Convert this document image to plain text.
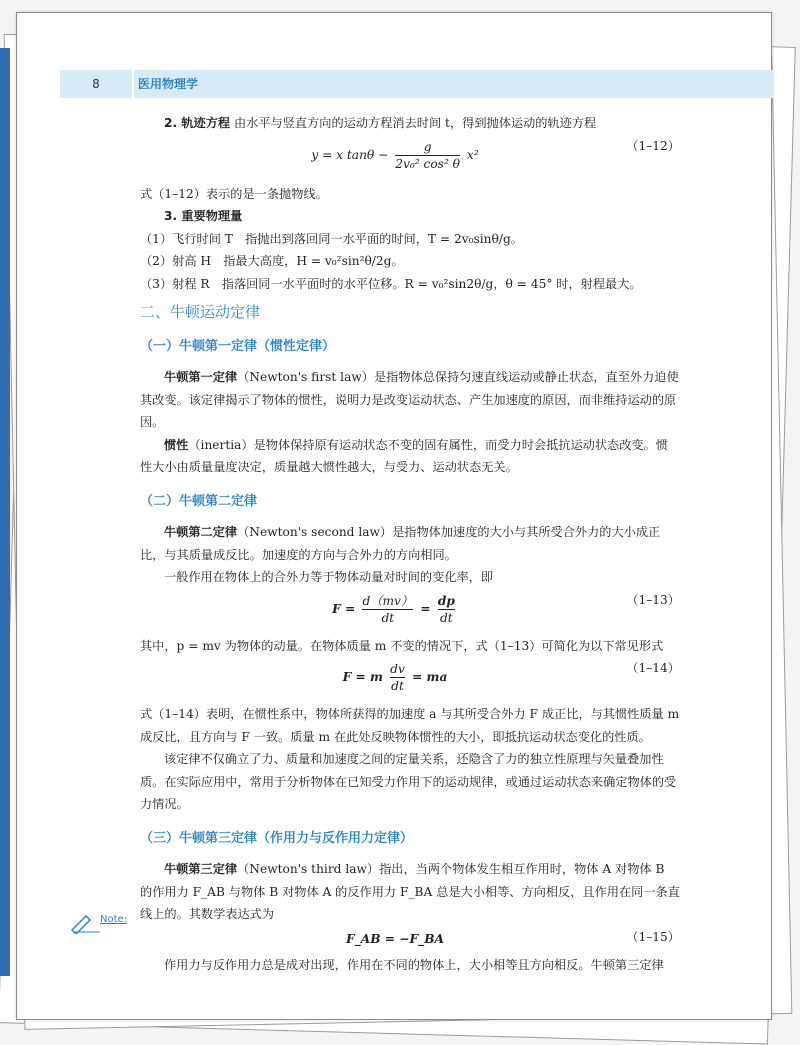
8	医用物理学

2. 轨迹方程 由水平与竖直方向的运动方程消去时间 t，得到抛体运动的轨迹方程

y = x $\tan\theta - \frac{g}{\text{2v₀² cos² θ}} x^2$
（1–12）

式（1–12）表示的是一条抛物线。

3. 重要物理量

（1）飞行时间 T　指抛出到落回同一水平面的时间，T = 2v₀sinθ/g。

（2）射高 H　指最大高度，H = v₀²sin²θ/2g。

（3）射程 R　指落回同一水平面时的水平位移。R = v₀²sin2θ/g，θ = 45° 时，射程最大。

二、牛顿运动定律
（一）牛顿第一定律（惯性定律）

牛顿第一定律（Newton's first law）是指物体总保持匀速直线运动或静止状态，直至外力迫使其改变。该定律揭示了物体的惯性，说明力是改变运动状态、产生加速度的原因，而非维持运动的原因。

惯性（inertia）是物体保持原有运动状态不变的固有属性，而受力时会抵抗运动状态改变。惯性大小由质量量度决定，质量越大惯性越大，与受力、运动状态无关。

（二）牛顿第二定律

牛顿第二定律（Newton's second law）是指物体加速度的大小与其所受合外力的大小成正比，与其质量成反比。加速度的方向与合外力的方向相同。

一般作用在物体上的合外力等于物体动量对时间的变化率，即

$F = \frac{d(mv)}{dt} = \frac{dp}{dt}$	（1–13）

其中，p = mv 为物体的动量。在物体质量 m 不变的情况下，式（1–13）可简化为以下常见形式

F = m $\frac{dv}{dt}$ = ma
（1–14）

式（1–14）表明，在惯性系中，物体所获得的加速度 a 与其所受合外力 F 成正比，与其惯性质量 m 成反比，且方向与 F 一致。质量 m 在此处反映物体惯性的大小，即抵抗运动状态变化的性质。

该定律不仅确立了力、质量和加速度之间的定量关系，还隐含了力的独立性原理与矢量叠加性质。在实际应用中，常用于分析物体在已知受力作用下的运动规律，或通过运动状态来确定物体的受力情况。

（三）牛顿第三定律（作用力与反作用力定律）

牛顿第三定律（Newton's third law）指出，当两个物体发生相互作用时，物体 A 对物体 B 的作用力 F_AB 与物体 B 对物体 A 的反作用力 F_BA 总是大小相等、方向相反，且作用在同一条直线上的。其数学表达式为

F_AB = −F_BA	（1–15）

作用力与反作用力总是成对出现，作用在不同的物体上，大小相等且方向相反。牛顿第三定律

Note:
